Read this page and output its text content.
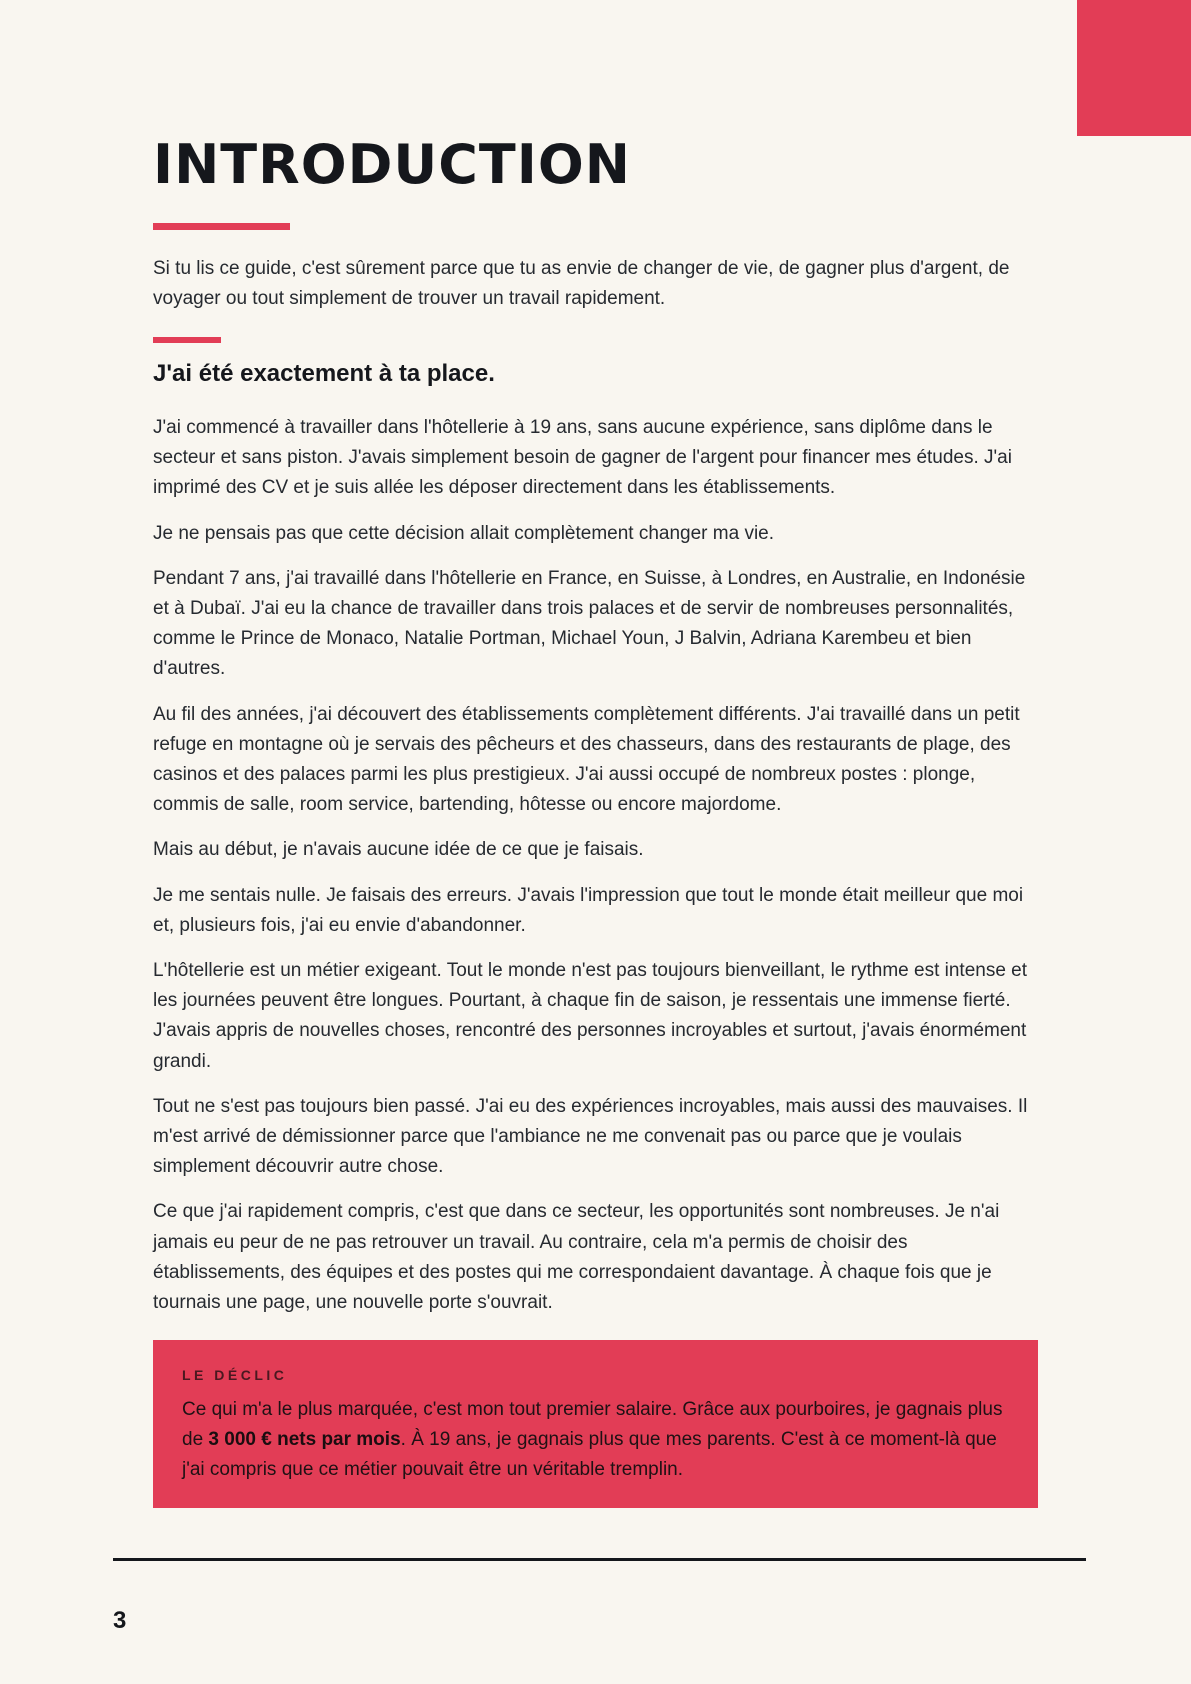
INTRODUCTION

Si tu lis ce guide, c'est sûrement parce que tu as envie de changer de vie, de gagner plus d'argent, de voyager ou tout simplement de trouver un travail rapidement.

J'ai été exactement à ta place.

J'ai commencé à travailler dans l'hôtellerie à 19 ans, sans aucune expérience, sans diplôme dans le secteur et sans piston. J'avais simplement besoin de gagner de l'argent pour financer mes études. J'ai imprimé des CV et je suis allée les déposer directement dans les établissements.

Je ne pensais pas que cette décision allait complètement changer ma vie.

Pendant 7 ans, j'ai travaillé dans l'hôtellerie en France, en Suisse, à Londres, en Australie, en Indonésie et à Dubaï. J'ai eu la chance de travailler dans trois palaces et de servir de nombreuses personnalités, comme le Prince de Monaco, Natalie Portman, Michael Youn, J Balvin, Adriana Karembeu et bien d'autres.

Au fil des années, j'ai découvert des établissements complètement différents. J'ai travaillé dans un petit refuge en montagne où je servais des pêcheurs et des chasseurs, dans des restaurants de plage, des casinos et des palaces parmi les plus prestigieux. J'ai aussi occupé de nombreux postes : plonge, commis de salle, room service, bartending, hôtesse ou encore majordome.

Mais au début, je n'avais aucune idée de ce que je faisais.

Je me sentais nulle. Je faisais des erreurs. J'avais l'impression que tout le monde était meilleur que moi et, plusieurs fois, j'ai eu envie d'abandonner.

L'hôtellerie est un métier exigeant. Tout le monde n'est pas toujours bienveillant, le rythme est intense et les journées peuvent être longues. Pourtant, à chaque fin de saison, je ressentais une immense fierté. J'avais appris de nouvelles choses, rencontré des personnes incroyables et surtout, j'avais énormément grandi.

Tout ne s'est pas toujours bien passé. J'ai eu des expériences incroyables, mais aussi des mauvaises. Il m'est arrivé de démissionner parce que l'ambiance ne me convenait pas ou parce que je voulais simplement découvrir autre chose.

Ce que j'ai rapidement compris, c'est que dans ce secteur, les opportunités sont nombreuses. Je n'ai jamais eu peur de ne pas retrouver un travail. Au contraire, cela m'a permis de choisir des établissements, des équipes et des postes qui me correspondaient davantage. À chaque fois que je tournais une page, une nouvelle porte s'ouvrait.

LE DÉCLIC

Ce qui m'a le plus marquée, c'est mon tout premier salaire. Grâce aux pourboires, je gagnais plus de 3 000 € nets par mois. À 19 ans, je gagnais plus que mes parents. C'est à ce moment-là que j'ai compris que ce métier pouvait être un véritable tremplin.

3
